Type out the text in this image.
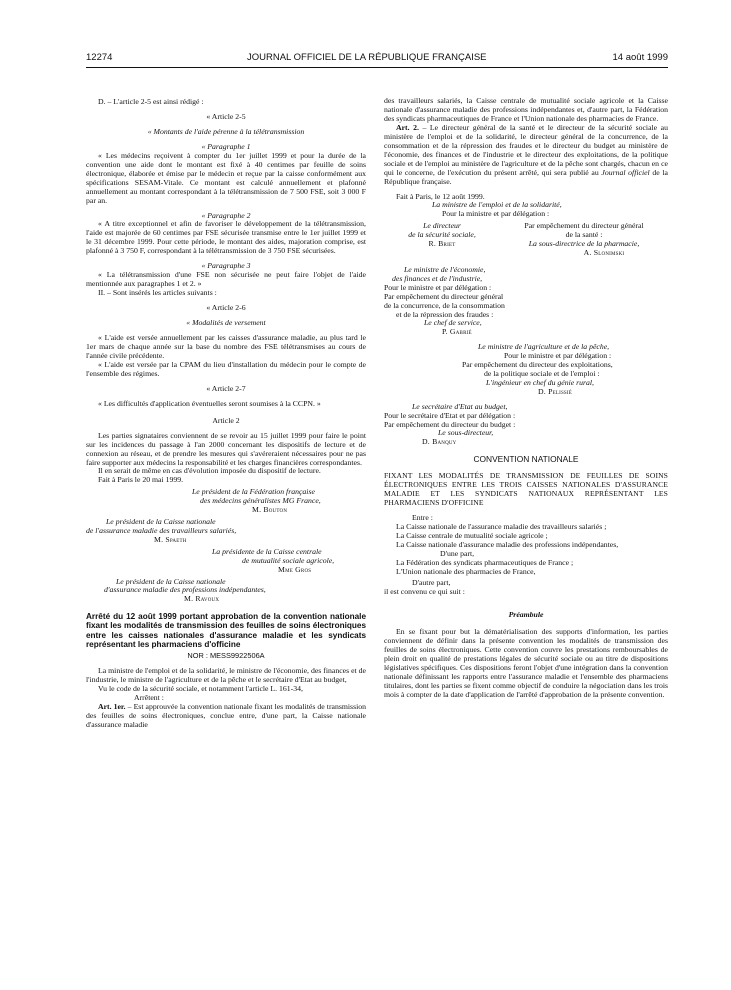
12274	JOURNAL OFFICIEL DE LA RÉPUBLIQUE FRANÇAISE	14 août 1999

D. – L'article 2-5 est ainsi rédigé :

« Article 2-5

« Montants de l'aide pérenne à la télétransmission

« Paragraphe 1

« Les médecins reçoivent à compter du 1er juillet 1999 et pour la durée de la convention une aide dont le montant est fixé à 40 centimes par feuille de soins électronique, élaborée et émise par le médecin et reçue par la caisse conformément aux spécifications SESAM-Vitale. Ce montant est calculé annuellement et plafonné annuellement au montant correspondant à la télétransmission de 7 500 FSE, soit 3 000 F par an.

« Paragraphe 2

« A titre exceptionnel et afin de favoriser le développement de la télétransmission, l'aide est majorée de 60 centimes par FSE sécurisée transmise entre le 1er juillet 1999 et le 31 décembre 1999. Pour cette période, le montant des aides, majoration comprise, est plafonné à 3 750 F, correspondant à la télétransmission de 3 750 FSE sécurisées.

« Paragraphe 3

« La télétransmission d'une FSE non sécurisée ne peut faire l'objet de l'aide mentionnée aux paragraphes 1 et 2. »

II. – Sont insérés les articles suivants :

« Article 2-6

« Modalités de versement

« L'aide est versée annuellement par les caisses d'assurance maladie, au plus tard le 1er mars de chaque année sur la base du nombre des FSE télétransmises au cours de l'année civile précédente.

« L'aide est versée par la CPAM du lieu d'installation du médecin pour le compte de l'ensemble des régimes.

« Article 2-7

« Les difficultés d'application éventuelles seront soumises à la CCPN. »

Article 2

Les parties signataires conviennent de se revoir au 15 juillet 1999 pour faire le point sur les incidences du passage à l'an 2000 concernant les dispositifs de lecture et de connexion au réseau, et de prendre les mesures qui s'avéreraient nécessaires pour ne pas faire supporter aux médecins la responsabilité et les charges financières correspondantes.

Il en serait de même en cas d'évolution imposée du dispositif de lecture.

Fait à Paris le 20 mai 1999.

Le président de la Fédération française

des médecins généralistes MG France,

M. Bouton

Le président de la Caisse nationale

de l'assurance maladie des travailleurs salariés,

M. Spaeth

La présidente de la Caisse centrale

de mutualité sociale agricole,

Mme Gros

Le président de la Caisse nationale

d'assurance maladie des professions indépendantes,

M. Ravoux

Arrêté du 12 août 1999 portant approbation de la convention nationale fixant les modalités de transmission des feuilles de soins électroniques entre les caisses nationales d'assurance maladie et les syndicats représentant les pharmaciens d'officine

NOR : MESS9922506A

La ministre de l'emploi et de la solidarité, le ministre de l'économie, des finances et de l'industrie, le ministre de l'agriculture et de la pêche et le secrétaire d'Etat au budget,

Vu le code de la sécurité sociale, et notamment l'article L. 161-34,

Arrêtent :

Art. 1er. – Est approuvée la convention nationale fixant les modalités de transmission des feuilles de soins électroniques, conclue entre, d'une part, la Caisse nationale d'assurance maladie

des travailleurs salariés, la Caisse centrale de mutualité sociale agricole et la Caisse nationale d'assurance maladie des professions indépendantes et, d'autre part, la Fédération des syndicats pharmaceutiques de France et l'Union nationale des pharmacies de France.

Art. 2. – Le directeur général de la santé et le directeur de la sécurité sociale au ministère de l'emploi et de la solidarité, le directeur général de la concurrence, de la consommation et de la répression des fraudes et le directeur du budget au ministère de l'économie, des finances et de l'industrie et le directeur des exploitations, de la politique sociale et de l'emploi au ministère de l'agriculture et de la pêche sont chargés, chacun en ce qui le concerne, de l'exécution du présent arrêté, qui sera publié au Journal officiel de la République française.

Fait à Paris, le 12 août 1999.

La ministre de l'emploi et de la solidarité,

Pour la ministre et par délégation :

Le directeur

de la sécurité sociale,

R. Briet

Par empêchement du directeur général

de la santé :

La sous-directrice de la pharmacie,

A. Slonimski

Le ministre de l'économie,

des finances et de l'industrie,

Pour le ministre et par délégation :

Par empêchement du directeur général

de la concurrence, de la consommation

et de la répression des fraudes :

Le chef de service,

P. Gabrié

Le ministre de l'agriculture et de la pêche,

Pour le ministre et par délégation :

Par empêchement du directeur des exploitations,

de la politique sociale et de l'emploi :

L'ingénieur en chef du génie rural,

D. Pelissié

Le secrétaire d'Etat au budget,

Pour le secrétaire d'Etat et par délégation :

Par empêchement du directeur du budget :

Le sous-directeur,

D. Banquy

CONVENTION NATIONALE

FIXANT LES MODALITÉS DE TRANSMISSION DE FEUILLES DE SOINS ÉLECTRONIQUES ENTRE LES TROIS CAISSES NATIONALES D'ASSURANCE MALADIE ET LES SYNDICATS NATIONAUX REPRÉSENTANT LES PHARMACIENS D'OFFICINE

Entre :

La Caisse nationale de l'assurance maladie des travailleurs salariés ;

La Caisse centrale de mutualité sociale agricole ;

La Caisse nationale d'assurance maladie des professions indépendantes,

D'une part,

La Fédération des syndicats pharmaceutiques de France ;

L'Union nationale des pharmacies de France,

D'autre part,

il est convenu ce qui suit :

Préambule

En se fixant pour but la dématérialisation des supports d'information, les parties conviennent de définir dans la présente convention les modalités de transmission des feuilles de soins électroniques. Cette convention couvre les prestations remboursables de plein droit en qualité de prestations légales de sécurité sociale ou au titre de dispositions législatives spécifiques. Ces dispositions feront l'objet d'une intégration dans la convention nationale définissant les rapports entre l'assurance maladie et l'ensemble des pharmaciens titulaires, dont les parties se fixent comme objectif de conduire la négociation dans les trois mois à compter de la date d'application de l'arrêté d'approbation de la présente convention.
